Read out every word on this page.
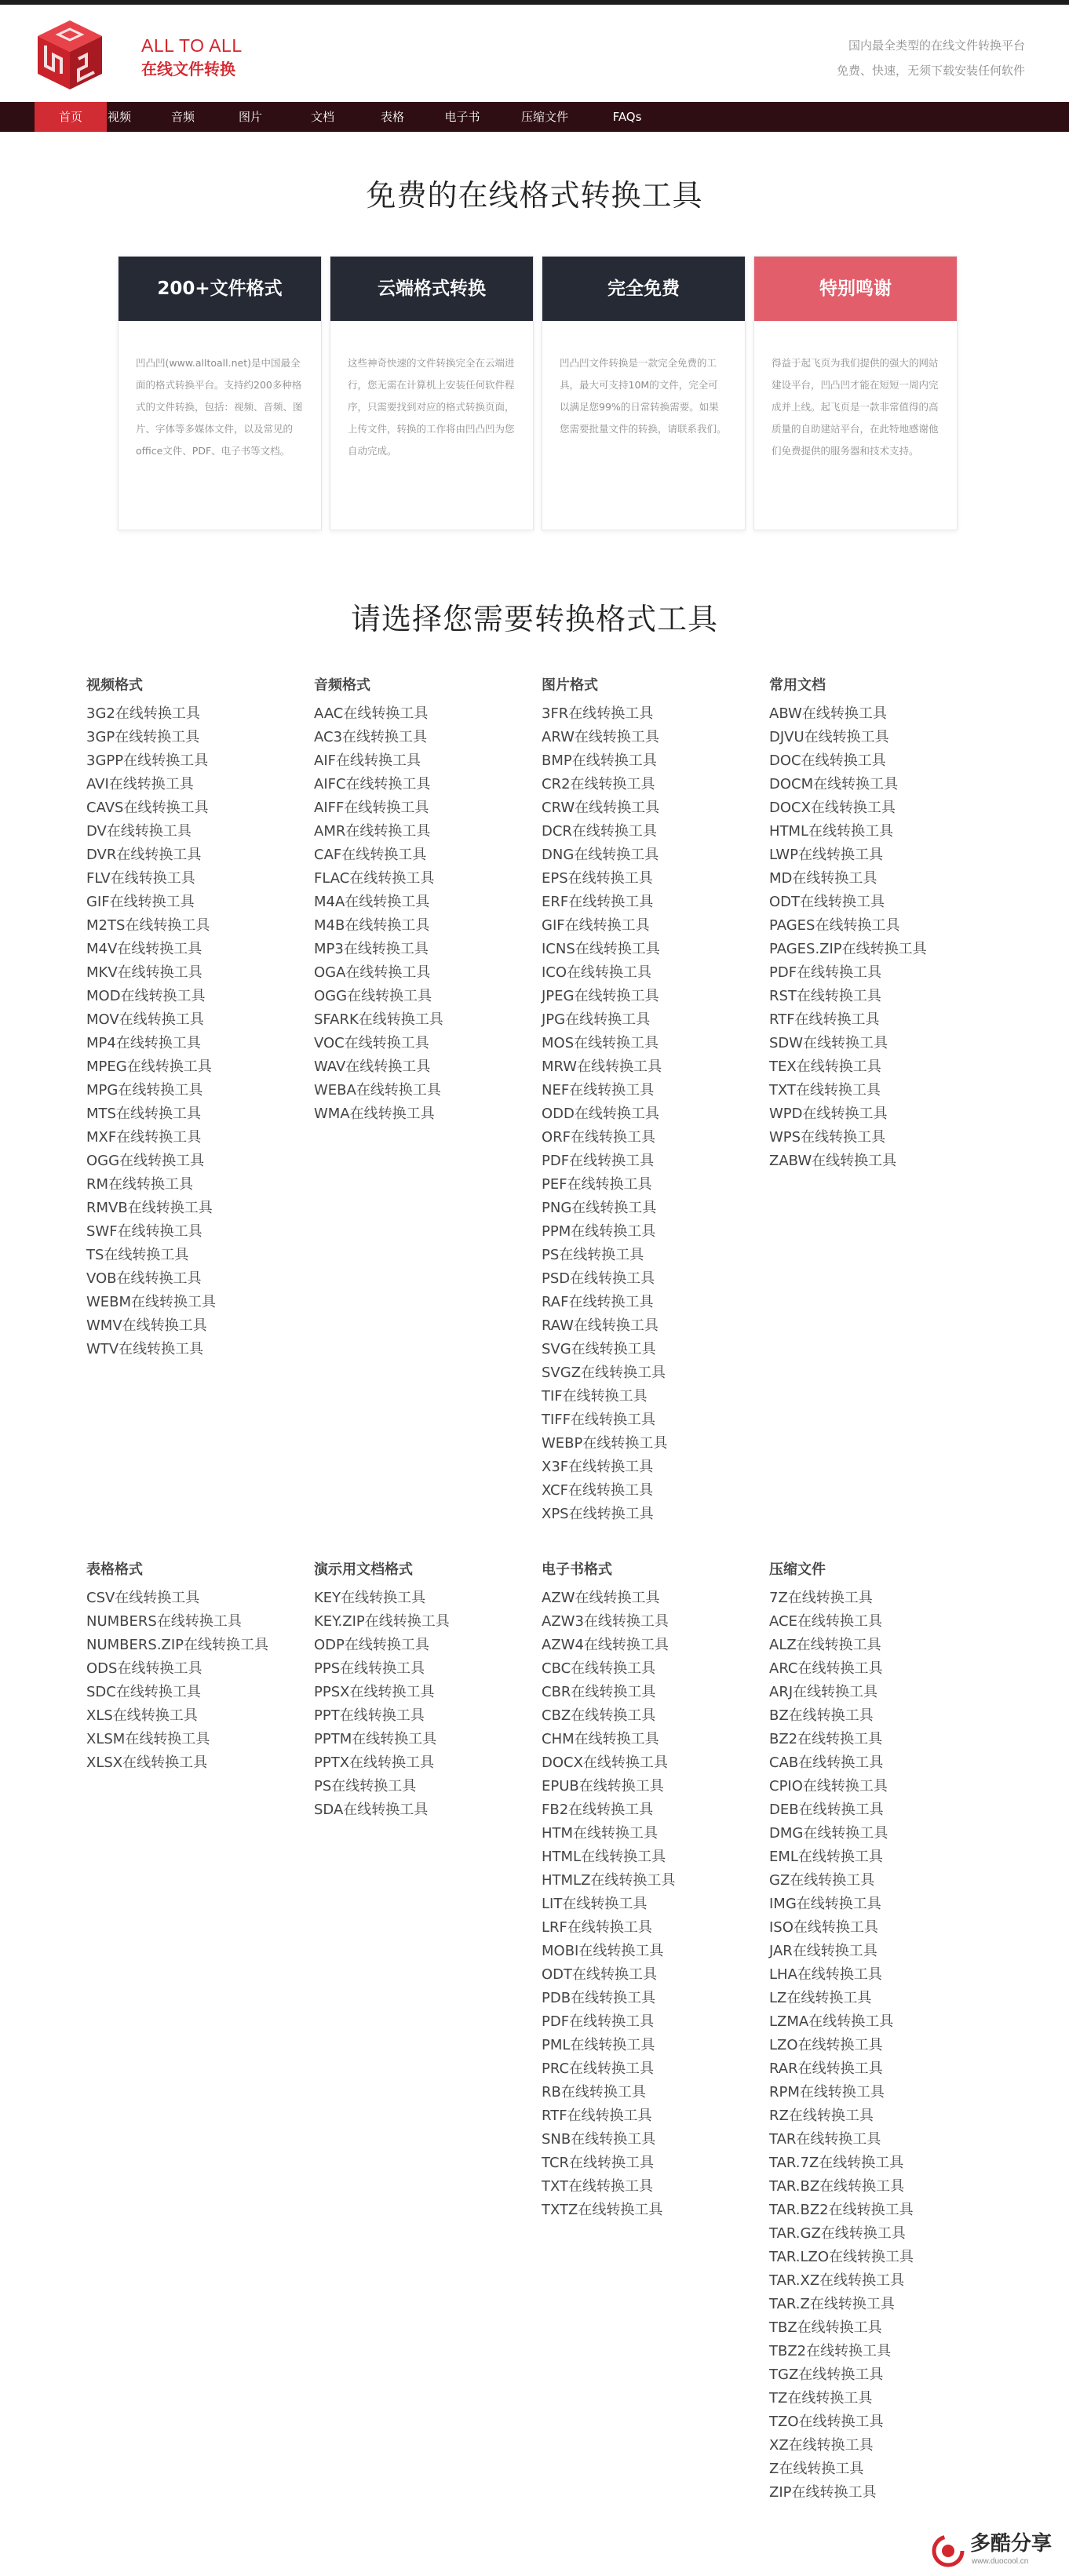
ALL TO ALL
在线文件转换
国内最全类型的在线文件转换平台
免费、快速，无须下载安装任何软件
首页	视频	音频	图片	文档	表格	电子书	压缩文件	FAQs
免费的在线格式转换工具
200+文件格式
凹凸凹(www.alltoall.net)是中国最全面的格式转换平台。支持约200多种格式的文件转换，包括：视频、音频、图片、字体等多媒体文件，以及常见的office文件、PDF、电子书等文档。
云端格式转换
这些神奇快速的文件转换完全在云端进行，您无需在计算机上安装任何软件程序，只需要找到对应的格式转换页面，上传文件，转换的工作将由凹凸凹为您自动完成。
完全免费
凹凸凹文件转换是一款完全免费的工具，最大可支持10M的文件，完全可以满足您99%的日常转换需要。如果您需要批量文件的转换，请联系我们。
特别鸣谢
得益于起飞页为我们提供的强大的网站建设平台，凹凸凹才能在短短一周内完成并上线。起飞页是一款非常值得的高质量的自助建站平台，在此特地感谢他们免费提供的服务器和技术支持。
请选择您需要转换格式工具
视频格式
3G2在线转换工具
3GP在线转换工具
3GPP在线转换工具
AVI在线转换工具
CAVS在线转换工具
DV在线转换工具
DVR在线转换工具
FLV在线转换工具
GIF在线转换工具
M2TS在线转换工具
M4V在线转换工具
MKV在线转换工具
MOD在线转换工具
MOV在线转换工具
MP4在线转换工具
MPEG在线转换工具
MPG在线转换工具
MTS在线转换工具
MXF在线转换工具
OGG在线转换工具
RM在线转换工具
RMVB在线转换工具
SWF在线转换工具
TS在线转换工具
VOB在线转换工具
WEBM在线转换工具
WMV在线转换工具
WTV在线转换工具
音频格式
AAC在线转换工具
AC3在线转换工具
AIF在线转换工具
AIFC在线转换工具
AIFF在线转换工具
AMR在线转换工具
CAF在线转换工具
FLAC在线转换工具
M4A在线转换工具
M4B在线转换工具
MP3在线转换工具
OGA在线转换工具
OGG在线转换工具
SFARK在线转换工具
VOC在线转换工具
WAV在线转换工具
WEBA在线转换工具
WMA在线转换工具
图片格式
3FR在线转换工具
ARW在线转换工具
BMP在线转换工具
CR2在线转换工具
CRW在线转换工具
DCR在线转换工具
DNG在线转换工具
EPS在线转换工具
ERF在线转换工具
GIF在线转换工具
ICNS在线转换工具
ICO在线转换工具
JPEG在线转换工具
JPG在线转换工具
MOS在线转换工具
MRW在线转换工具
NEF在线转换工具
ODD在线转换工具
ORF在线转换工具
PDF在线转换工具
PEF在线转换工具
PNG在线转换工具
PPM在线转换工具
PS在线转换工具
PSD在线转换工具
RAF在线转换工具
RAW在线转换工具
SVG在线转换工具
SVGZ在线转换工具
TIF在线转换工具
TIFF在线转换工具
WEBP在线转换工具
X3F在线转换工具
XCF在线转换工具
XPS在线转换工具
常用文档
ABW在线转换工具
DJVU在线转换工具
DOC在线转换工具
DOCM在线转换工具
DOCX在线转换工具
HTML在线转换工具
LWP在线转换工具
MD在线转换工具
ODT在线转换工具
PAGES在线转换工具
PAGES.ZIP在线转换工具
PDF在线转换工具
RST在线转换工具
RTF在线转换工具
SDW在线转换工具
TEX在线转换工具
TXT在线转换工具
WPD在线转换工具
WPS在线转换工具
ZABW在线转换工具
表格格式
CSV在线转换工具
NUMBERS在线转换工具
NUMBERS.ZIP在线转换工具
ODS在线转换工具
SDC在线转换工具
XLS在线转换工具
XLSM在线转换工具
XLSX在线转换工具
演示用文档格式
KEY在线转换工具
KEY.ZIP在线转换工具
ODP在线转换工具
PPS在线转换工具
PPSX在线转换工具
PPT在线转换工具
PPTM在线转换工具
PPTX在线转换工具
PS在线转换工具
SDA在线转换工具
电子书格式
AZW在线转换工具
AZW3在线转换工具
AZW4在线转换工具
CBC在线转换工具
CBR在线转换工具
CBZ在线转换工具
CHM在线转换工具
DOCX在线转换工具
EPUB在线转换工具
FB2在线转换工具
HTM在线转换工具
HTML在线转换工具
HTMLZ在线转换工具
LIT在线转换工具
LRF在线转换工具
MOBI在线转换工具
ODT在线转换工具
PDB在线转换工具
PDF在线转换工具
PML在线转换工具
PRC在线转换工具
RB在线转换工具
RTF在线转换工具
SNB在线转换工具
TCR在线转换工具
TXT在线转换工具
TXTZ在线转换工具
压缩文件
7Z在线转换工具
ACE在线转换工具
ALZ在线转换工具
ARC在线转换工具
ARJ在线转换工具
BZ在线转换工具
BZ2在线转换工具
CAB在线转换工具
CPIO在线转换工具
DEB在线转换工具
DMG在线转换工具
EML在线转换工具
GZ在线转换工具
IMG在线转换工具
ISO在线转换工具
JAR在线转换工具
LHA在线转换工具
LZ在线转换工具
LZMA在线转换工具
LZO在线转换工具
RAR在线转换工具
RPM在线转换工具
RZ在线转换工具
TAR在线转换工具
TAR.7Z在线转换工具
TAR.BZ在线转换工具
TAR.BZ2在线转换工具
TAR.GZ在线转换工具
TAR.LZO在线转换工具
TAR.XZ在线转换工具
TAR.Z在线转换工具
TBZ在线转换工具
TBZ2在线转换工具
TGZ在线转换工具
TZ在线转换工具
TZO在线转换工具
XZ在线转换工具
Z在线转换工具
ZIP在线转换工具
多酷分享
www.duocool.cn
